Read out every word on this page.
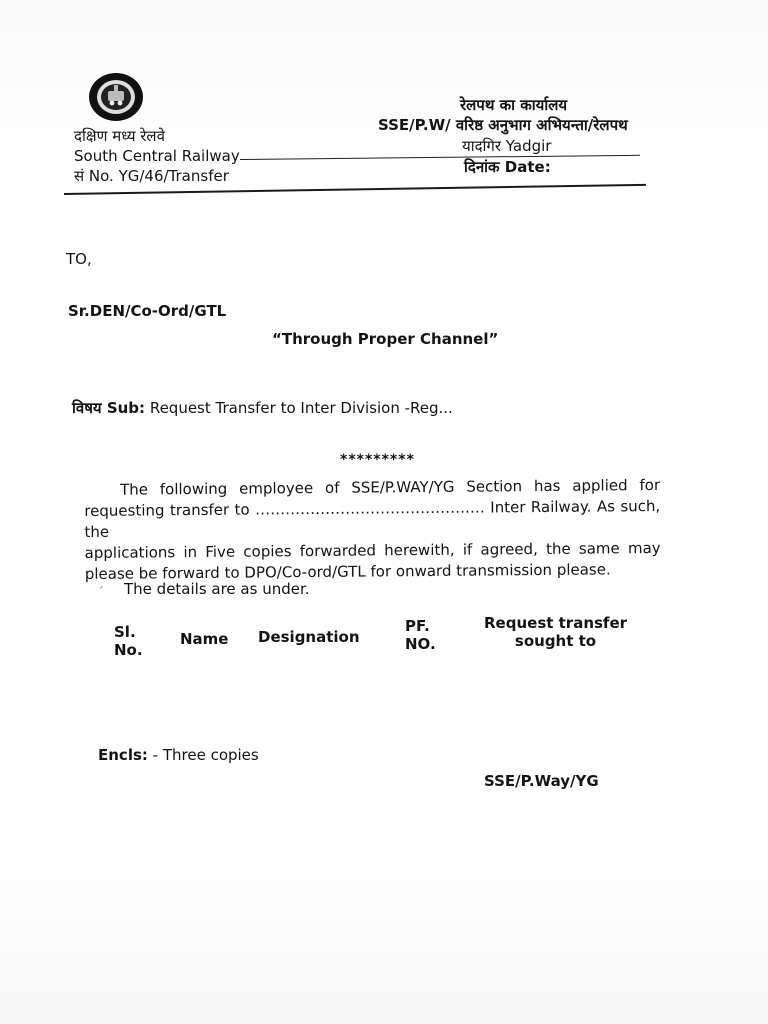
दक्षिण मध्य रेलवे
South Central Railway
सं No. YG/46/Transfer
रेलपथ का कार्यालय
SSE/P.W/ वरिष्ठ अनुभाग अभियन्ता/रेलपथ
यादगिर Yadgir
दिनांक Date:
TO,
Sr.DEN/Co-Ord/GTL
“Through Proper Channel”
विषय Sub: Request Transfer to Inter Division -Reg...
*********
The following employee of SSE/P.WAY/YG Section has applied for
requesting transfer to …………………………………….… Inter Railway. As such, the
applications in Five copies forwarded herewith, if agreed, the same may
please be forward to DPO/Co-ord/GTL for onward transmission please.
ˊ The details are as under.
Sl.
No.
Name Designation
PF.
NO.
Request transfer
sought to
Encls: - Three copies
SSE/P.Way/YG
